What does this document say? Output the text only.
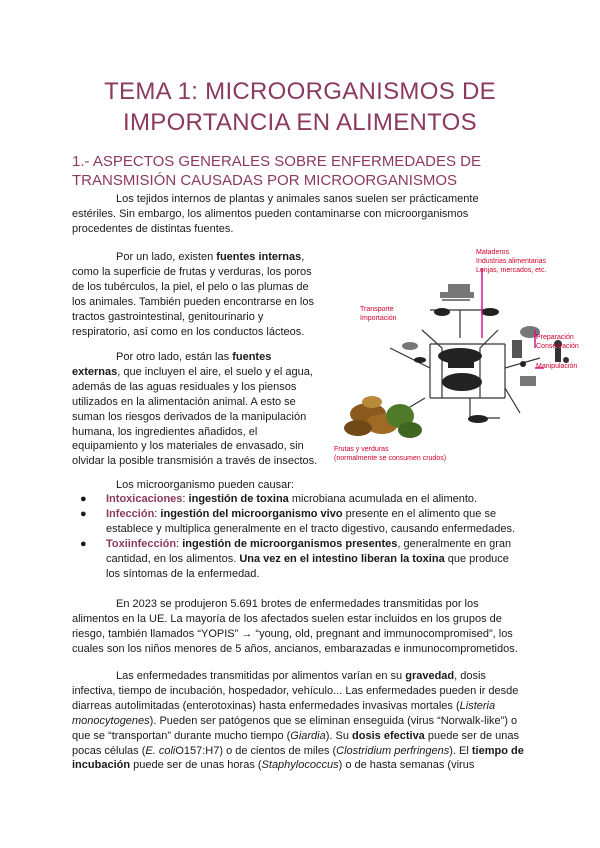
TEMA 1: MICROORGANISMOS DE IMPORTANCIA EN ALIMENTOS
1.- ASPECTOS GENERALES SOBRE ENFERMEDADES DE TRANSMISIÓN CAUSADAS POR MICROORGANISMOS

Los tejidos internos de plantas y animales sanos suelen ser prácticamente estériles. Sin embargo, los alimentos pueden contaminarse con microorganismos procedentes de distintas fuentes.

Por un lado, existen fuentes internas, como la superficie de frutas y verduras, los poros de los tubérculos, la piel, el pelo o las plumas de los animales. También pueden encontrarse en los tractos gastrointestinal, genitourinario y respiratorio, así como en los conductos lácteos.

Por otro lado, están las fuentes externas, que incluyen el aire, el suelo y el agua, además de las aguas residuales y los piensos utilizados en la alimentación animal. A esto se suman los riesgos derivados de la manipulación humana, los ingredientes añadidos, el equipamiento y los materiales de envasado, sin olvidar la posible transmisión a través de insectos.

Mataderos
Industrias alimentarias
Lonjas, mercados, etc.
Transporte
Importación
Preparación
Conservación
Manipulación
Frutas y verduras
(normalmente se consumen crudos)

Los microorganismo pueden causar:

● Intoxicaciones: ingestión de toxina microbiana acumulada en el alimento.
● Infección: ingestión del microorganismo vivo presente en el alimento que se establece y multiplica generalmente en el tracto digestivo, causando enfermedades.
● Toxiinfección: ingestión de microorganismos presentes, generalmente en gran cantidad, en los alimentos. Una vez en el intestino liberan la toxina que produce los síntomas de la enfermedad.

En 2023 se produjeron 5.691 brotes de enfermedades transmitidas por los alimentos en la UE. La mayoría de los afectados suelen estar incluidos en los grupos de riesgo, también llamados “YOPIS” → “young, old, pregnant and immunocompromised”, los cuales son los niños menores de 5 años, ancianos, embarazadas e inmunocomprometidos.

Las enfermedades transmitidas por alimentos varían en su gravedad, dosis infectiva, tiempo de incubación, hospedador, vehículo... Las enfermedades pueden ir desde diarreas autolimitadas (enterotoxinas) hasta enfermedades invasivas mortales (Listeria monocytogenes). Pueden ser patógenos que se eliminan enseguida (virus “Norwalk-like”) o que se “transportan” durante mucho tiempo (Giardia). Su dosis efectiva puede ser de unas pocas células (E. coliO157:H7) o de cientos de miles (Clostridium perfringens). El tiempo de incubación puede ser de unas horas (Staphylococcus) o de hasta semanas (virus
